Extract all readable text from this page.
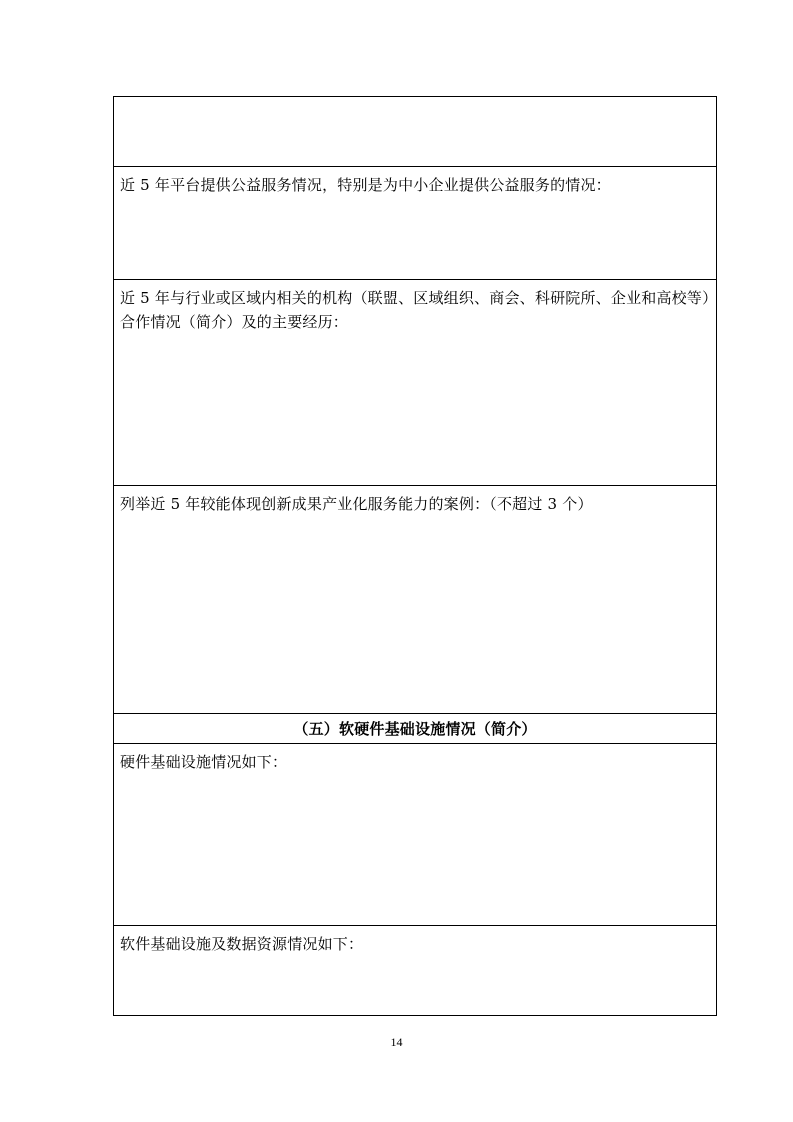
近 5 年平台提供公益服务情况，特别是为中小企业提供公益服务的情况：
近 5 年与行业或区域内相关的机构（联盟、区域组织、商会、科研院所、企业和高校等）合作情况（简介）及的主要经历：
列举近 5 年较能体现创新成果产业化服务能力的案例：（不超过 3 个）
（五）软硬件基础设施情况（简介）
硬件基础设施情况如下：
软件基础设施及数据资源情况如下：
14
